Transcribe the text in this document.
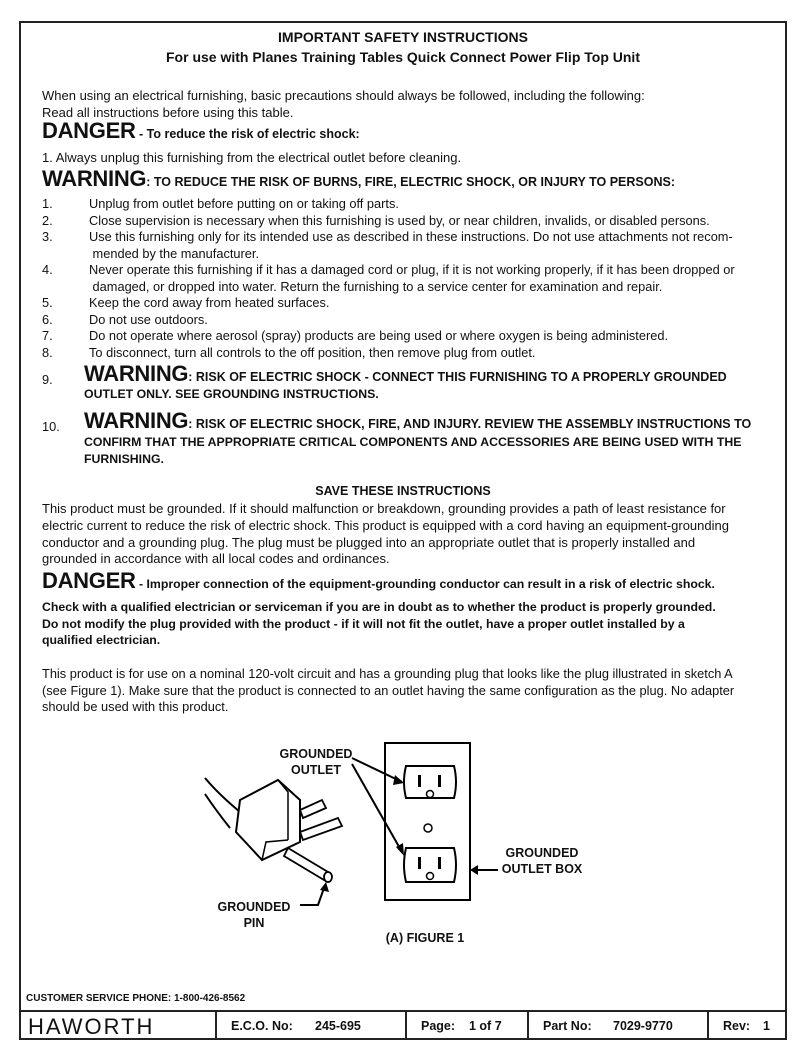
IMPORTANT SAFETY INSTRUCTIONS
For use with Planes Training Tables Quick Connect Power Flip Top Unit
When using an electrical furnishing, basic precautions should always be followed, including the following:
Read all instructions before using this table.
DANGER - To reduce the risk of electric shock:
1. Always unplug this furnishing from the electrical outlet before cleaning.
WARNING: TO REDUCE THE RISK OF BURNS, FIRE, ELECTRIC SHOCK, OR INJURY TO PERSONS:
1.	Unplug from outlet before putting on or taking off parts.
2.	Close supervision is necessary when this furnishing is used by, or near children, invalids, or disabled persons.
3.	Use this furnishing only for its intended use as described in these instructions. Do not use attachments not recom-
mended by the manufacturer.
4.	Never operate this furnishing if it has a damaged cord or plug, if it is not working properly, if it has been dropped or
damaged, or dropped into water. Return the furnishing to a service center for examination and repair.
5.	Keep the cord away from heated surfaces.
6.	Do not use outdoors.
7.	Do not operate where aerosol (spray) products are being used or where oxygen is being administered.
8.	To disconnect, turn all controls to the off position, then remove plug from outlet.
9. WARNING: RISK OF ELECTRIC SHOCK - CONNECT THIS FURNISHING TO A PROPERLY GROUNDED
OUTLET ONLY. SEE GROUNDING INSTRUCTIONS.
10. WARNING: RISK OF ELECTRIC SHOCK, FIRE, AND INJURY. REVIEW THE ASSEMBLY INSTRUCTIONS TO
CONFIRM THAT THE APPROPRIATE CRITICAL COMPONENTS AND ACCESSORIES ARE BEING USED WITH THE
FURNISHING.
SAVE THESE INSTRUCTIONS
This product must be grounded. If it should malfunction or breakdown, grounding provides a path of least resistance for
electric current to reduce the risk of electric shock. This product is equipped with a cord having an equipment-grounding
conductor and a grounding plug. The plug must be plugged into an appropriate outlet that is properly installed and
grounded in accordance with all local codes and ordinances.
DANGER - Improper connection of the equipment-grounding conductor can result in a risk of electric shock.
Check with a qualified electrician or serviceman if you are in doubt as to whether the product is properly grounded.
Do not modify the plug provided with the product - if it will not fit the outlet, have a proper outlet installed by a
qualified electrician.
This product is for use on a nominal 120-volt circuit and has a grounding plug that looks like the plug illustrated in sketch A
(see Figure 1). Make sure that the product is connected to an outlet having the same configuration as the plug. No adapter
should be used with this product.
GROUNDED
OUTLET
GROUNDED
OUTLET BOX
GROUNDED
PIN
(A) FIGURE 1
CUSTOMER SERVICE PHONE: 1-800-426-8562
HAWORTH	E.C.O. No: 245-695	Page: 1 of 7	Part No: 7029-9770	Rev: 1
